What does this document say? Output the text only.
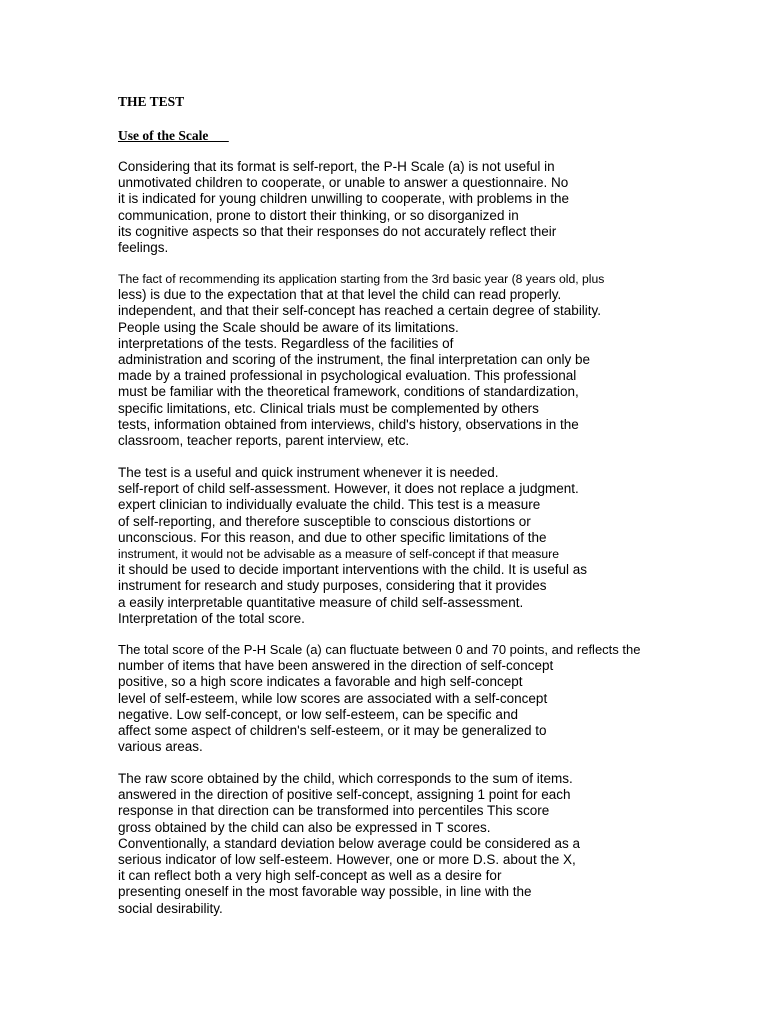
THE TEST
Use of the Scale___

Considering that its format is self-report, the P-H Scale (a) is not useful in
unmotivated children to cooperate, or unable to answer a questionnaire. No
it is indicated for young children unwilling to cooperate, with problems in the
communication, prone to distort their thinking, or so disorganized in
its cognitive aspects so that their responses do not accurately reflect their
feelings.

The fact of recommending its application starting from the 3rd basic year (8 years old, plus
less) is due to the expectation that at that level the child can read properly.
independent, and that their self-concept has reached a certain degree of stability.
People using the Scale should be aware of its limitations.
interpretations of the tests. Regardless of the facilities of
administration and scoring of the instrument, the final interpretation can only be
made by a trained professional in psychological evaluation. This professional
must be familiar with the theoretical framework, conditions of standardization,
specific limitations, etc. Clinical trials must be complemented by others
tests, information obtained from interviews, child's history, observations in the
classroom, teacher reports, parent interview, etc.

The test is a useful and quick instrument whenever it is needed.
self-report of child self-assessment. However, it does not replace a judgment.
expert clinician to individually evaluate the child. This test is a measure
of self-reporting, and therefore susceptible to conscious distortions or
unconscious. For this reason, and due to other specific limitations of the
instrument, it would not be advisable as a measure of self-concept if that measure
it should be used to decide important interventions with the child. It is useful as
instrument for research and study purposes, considering that it provides
a easily interpretable quantitative measure of child self-assessment.
Interpretation of the total score.

The total score of the P-H Scale (a) can fluctuate between 0 and 70 points, and reflects the
number of items that have been answered in the direction of self-concept
positive, so a high score indicates a favorable and high self-concept
level of self-esteem, while low scores are associated with a self-concept
negative. Low self-concept, or low self-esteem, can be specific and
affect some aspect of children's self-esteem, or it may be generalized to
various areas.

The raw score obtained by the child, which corresponds to the sum of items.
answered in the direction of positive self-concept, assigning 1 point for each
response in that direction can be transformed into percentiles This score
gross obtained by the child can also be expressed in T scores.
Conventionally, a standard deviation below average could be considered as a
serious indicator of low self-esteem. However, one or more D.S. about the X,
it can reflect both a very high self-concept as well as a desire for
presenting oneself in the most favorable way possible, in line with the
social desirability.
